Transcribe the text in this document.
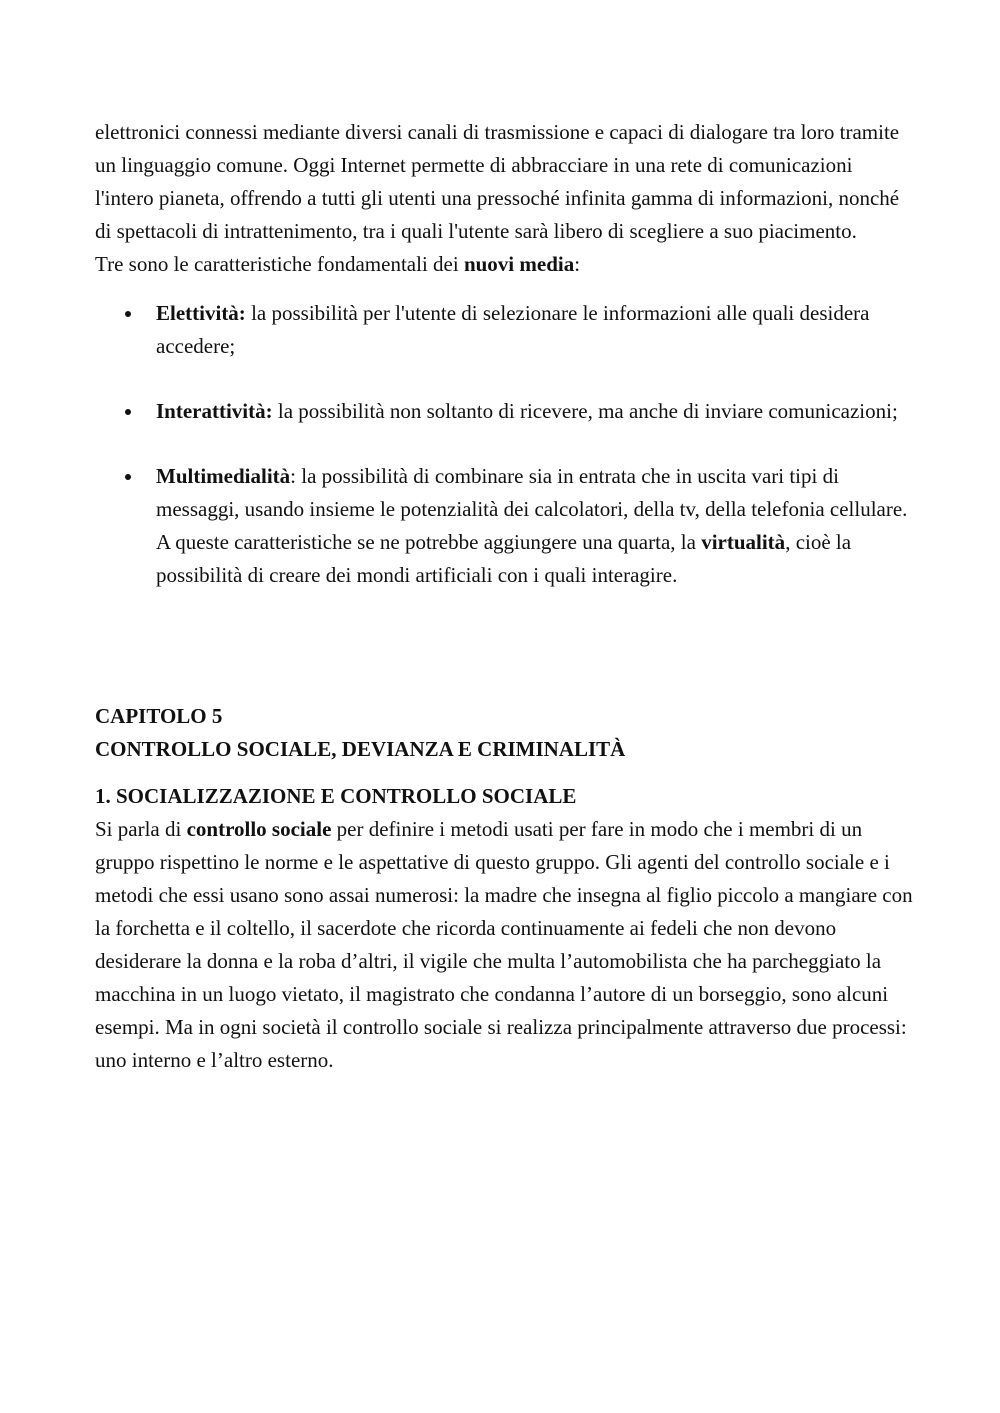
elettronici connessi mediante diversi canali di trasmissione e capaci di dialogare tra loro tramite un linguaggio comune. Oggi Internet permette di abbracciare in una rete di comunicazioni l'intero pianeta, offrendo a tutti gli utenti una pressoché infinita gamma di informazioni, nonché di spettacoli di intrattenimento, tra i quali l'utente sarà libero di scegliere a suo piacimento.

Tre sono le caratteristiche fondamentali dei nuovi media:

Elettività: la possibilità per l'utente di selezionare le informazioni alle quali desidera accedere;
Interattività: la possibilità non soltanto di ricevere, ma anche di inviare comunicazioni;
Multimedialità: la possibilità di combinare sia in entrata che in uscita vari tipi di messaggi, usando insieme le potenzialità dei calcolatori, della tv, della telefonia cellulare.

A queste caratteristiche se ne potrebbe aggiungere una quarta, la virtualità, cioè la possibilità di creare dei mondi artificiali con i quali interagire.

CAPITOLO 5
CONTROLLO SOCIALE, DEVIANZA E CRIMINALITÀ
1. SOCIALIZZAZIONE E CONTROLLO SOCIALE

Si parla di controllo sociale per definire i metodi usati per fare in modo che i membri di un gruppo rispettino le norme e le aspettative di questo gruppo. Gli agenti del controllo sociale e i metodi che essi usano sono assai numerosi: la madre che insegna al figlio piccolo a mangiare con la forchetta e il coltello, il sacerdote che ricorda continuamente ai fedeli che non devono desiderare la donna e la roba d’altri, il vigile che multa l’automobilista che ha parcheggiato la macchina in un luogo vietato, il magistrato che condanna l’autore di un borseggio, sono alcuni esempi. Ma in ogni società il controllo sociale si realizza principalmente attraverso due processi: uno interno e l’altro esterno.
